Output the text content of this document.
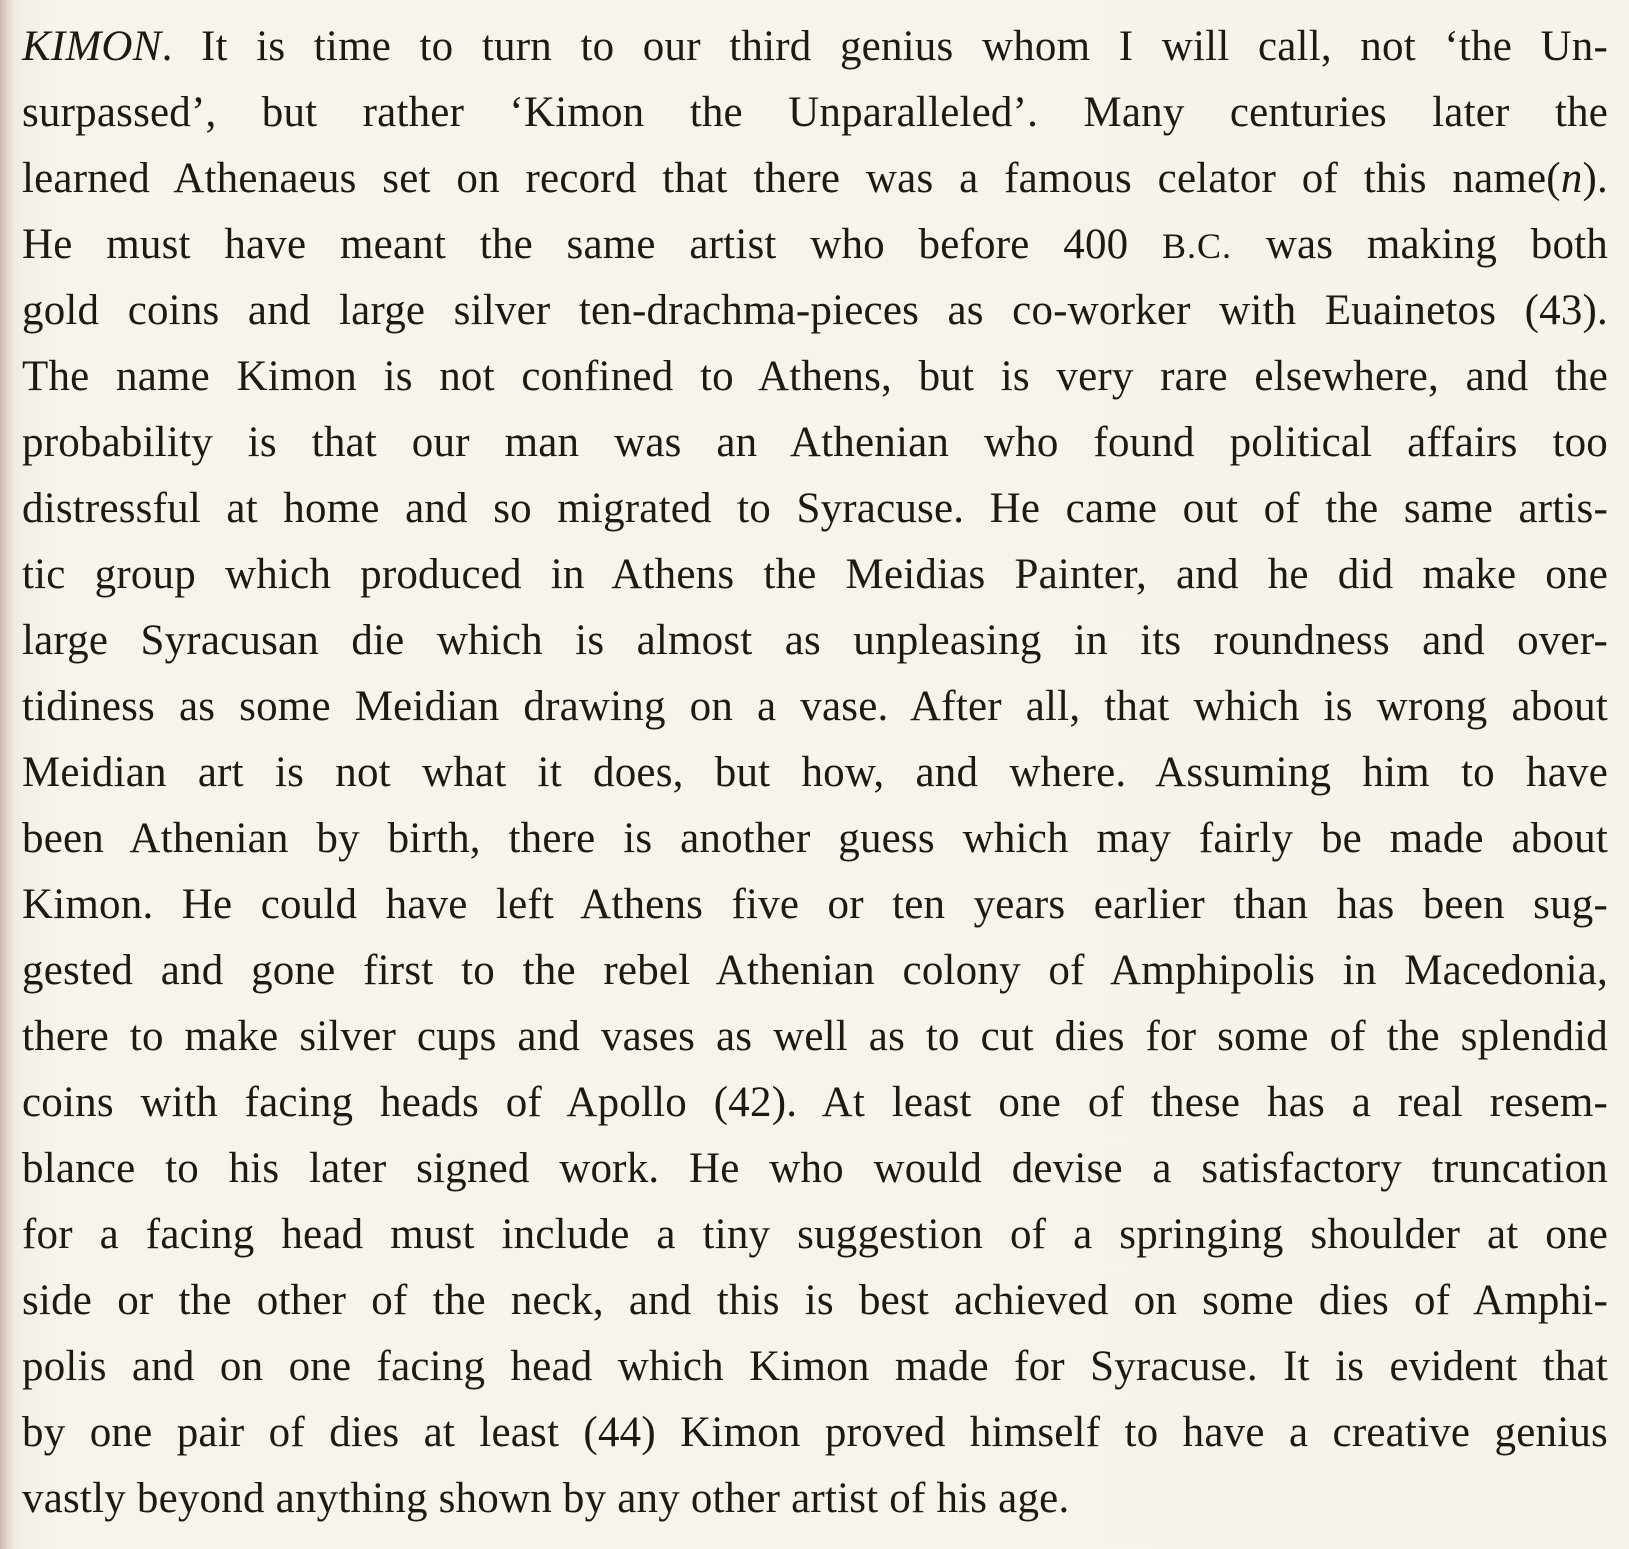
KIMON. It is time to turn to our third genius whom I will call, not ‘the Un-
surpassed’, but rather ‘Kimon the Unparalleled’. Many centuries later the
learned Athenaeus set on record that there was a famous celator of this name(n).
He must have meant the same artist who before 400 B.C. was making both
gold coins and large silver ten-drachma-pieces as co-worker with Euainetos (43).
The name Kimon is not confined to Athens, but is very rare elsewhere, and the
probability is that our man was an Athenian who found political affairs too
distressful at home and so migrated to Syracuse. He came out of the same artis-
tic group which produced in Athens the Meidias Painter, and he did make one
large Syracusan die which is almost as unpleasing in its roundness and over-
tidiness as some Meidian drawing on a vase. After all, that which is wrong about
Meidian art is not what it does, but how, and where. Assuming him to have
been Athenian by birth, there is another guess which may fairly be made about
Kimon. He could have left Athens five or ten years earlier than has been sug-
gested and gone first to the rebel Athenian colony of Amphipolis in Macedonia,
there to make silver cups and vases as well as to cut dies for some of the splendid
coins with facing heads of Apollo (42). At least one of these has a real resem-
blance to his later signed work. He who would devise a satisfactory truncation
for a facing head must include a tiny suggestion of a springing shoulder at one
side or the other of the neck, and this is best achieved on some dies of Amphi-
polis and on one facing head which Kimon made for Syracuse. It is evident that
by one pair of dies at least (44) Kimon proved himself to have a creative genius
vastly beyond anything shown by any other artist of his age.
